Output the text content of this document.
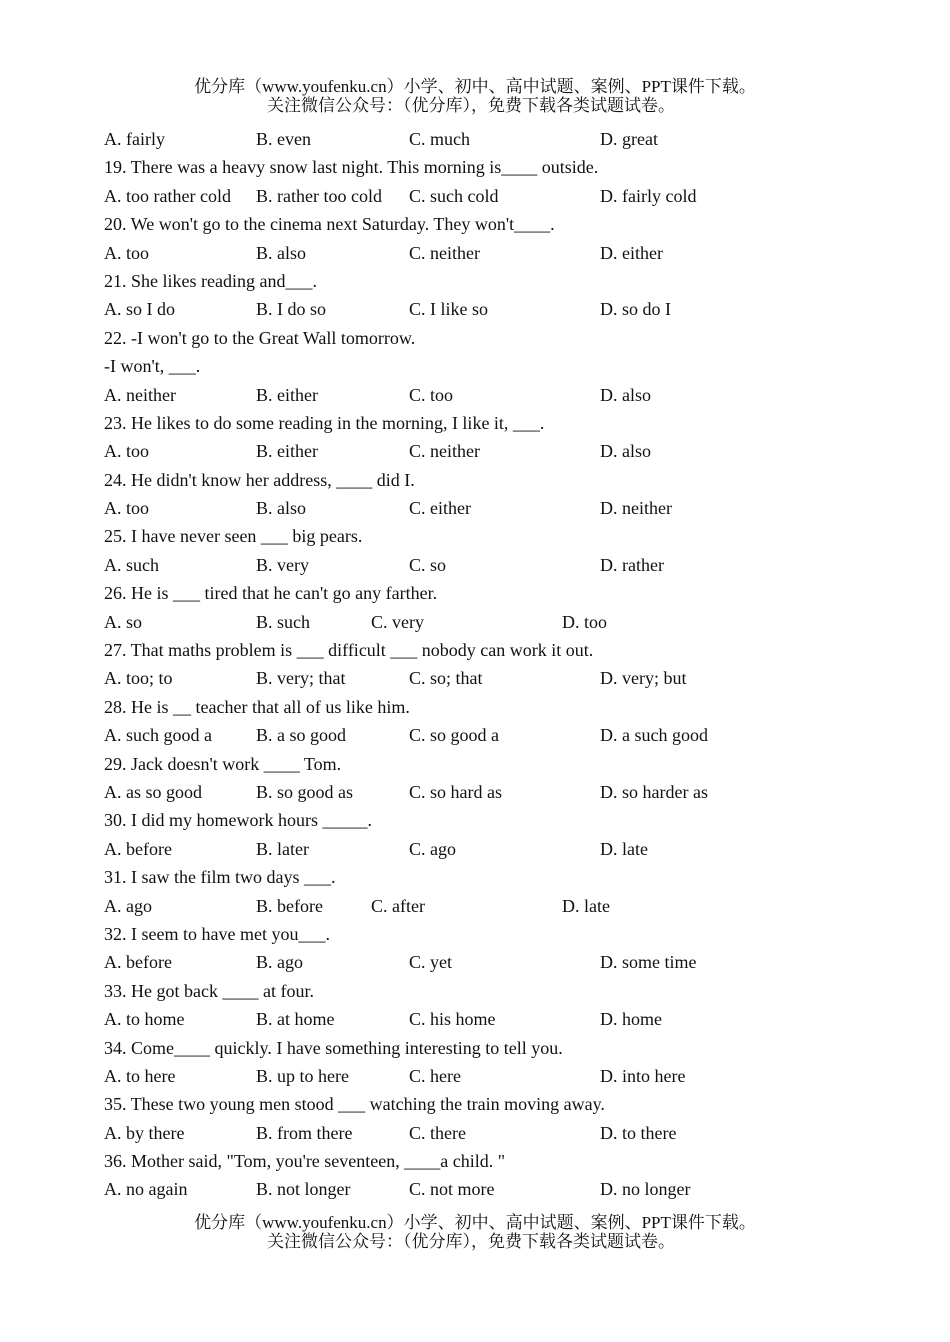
优分库（www.youfenku.cn）小学、初中、高中试题、案例、PPT课件下载。
关注微信公众号：（优分库），免费下载各类试题试卷。
A. fairly	B. even	C. much	D. great
19. There was a heavy snow last night. This morning is____ outside.
A. too rather cold B. rather too cold C. such cold	D. fairly cold
20. We won't go to the cinema next Saturday. They won't____.
A. too	B. also	C. neither	D. either
21. She likes reading and___.
A. so I do	B. I do so	C. I like so	D. so do I
22. -I won't go to the Great Wall tomorrow.
-I won't, ___.
A. neither	B. either	C. too	D. also
23. He likes to do some reading in the morning, I like it, ___.
A. too	B. either	C. neither	D. also
24. He didn't know her address, ____ did I.
A. too	B. also	C. either	D. neither
25. I have never seen ___ big pears.
A. such	B. very	C. so	D. rather
26. He is ___ tired that he can't go any farther.
A. so	B. such	C. very	D. too
27. That maths problem is ___ difficult ___ nobody can work it out.
A. too; to	B. very; that	C. so; that	D. very; but
28. He is __ teacher that all of us like him.
A. such good a B. a so good	C. so good a	D. a such good
29. Jack doesn't work ____ Tom.
A. as so good	B. so good as	C. so hard as	D. so harder as
30. I did my homework hours _____.
A. before	B. later	C. ago	D. late
31. I saw the film two days ___.
A. ago	B. before	C. after	D. late
32. I seem to have met you___.
A. before	B. ago	C. yet	D. some time
33. He got back ____ at four.
A. to home	B. at home	C. his home	D. home
34. Come____ quickly. I have something interesting to tell you.
A. to here	B. up to here	C. here	D. into here
35. These two young men stood ___ watching the train moving away.
A. by there	B. from there	C. there	D. to there
36. Mother said, "Tom, you're seventeen, ____a child. "
A. no again	B. not longer	C. not more	D. no longer
优分库（www.youfenku.cn）小学、初中、高中试题、案例、PPT课件下载。
关注微信公众号：（优分库），免费下载各类试题试卷。
